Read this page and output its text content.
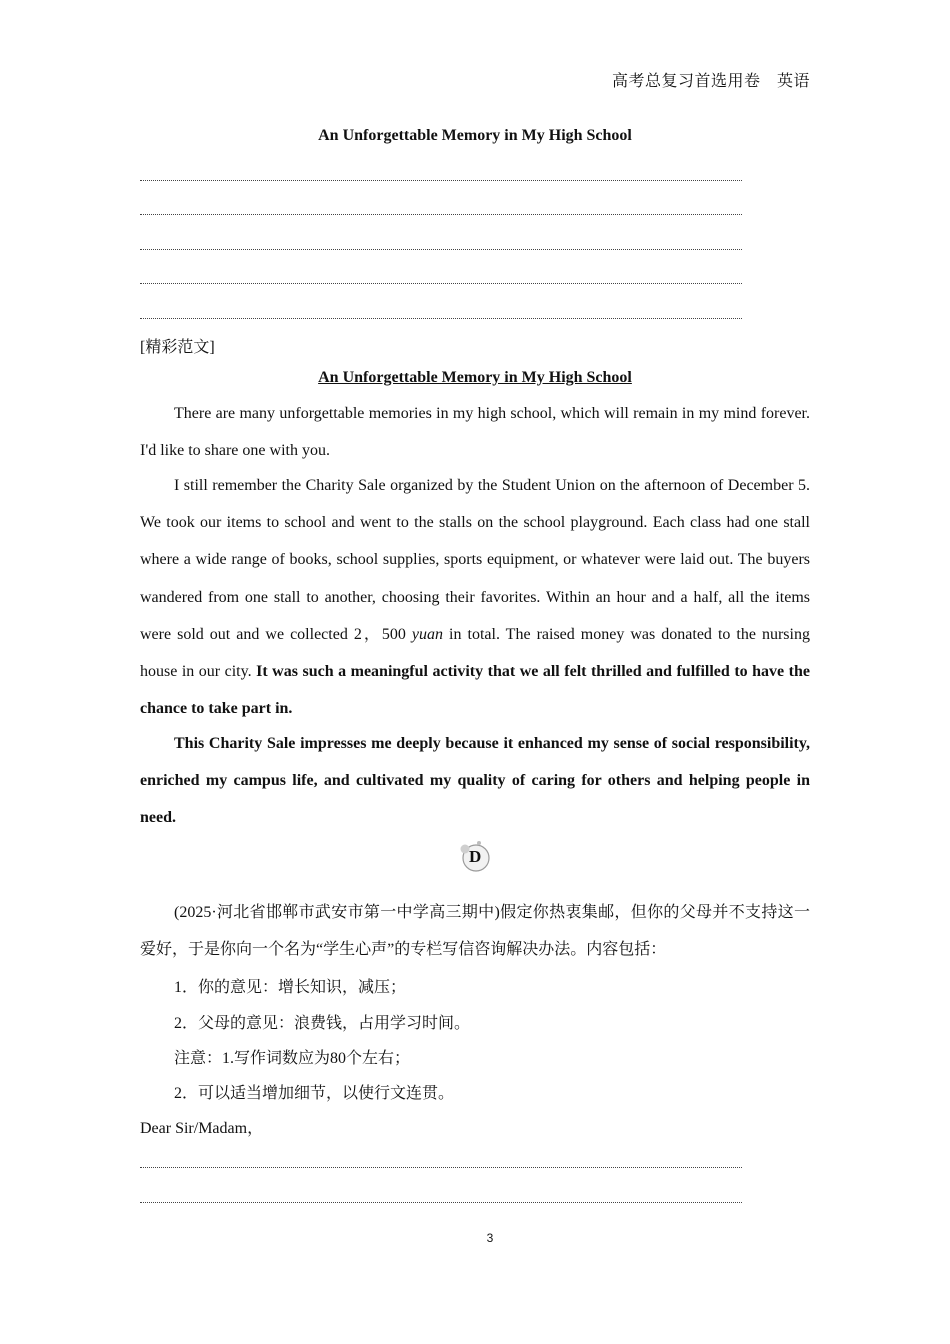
高考总复习首选用卷　英语
An Unforgettable Memory in My High School
[精彩范文]
An Unforgettable Memory in My High School
There are many unforgettable memories in my high school, which will remain in my mind forever. I'd like to share one with you.
I still remember the Charity Sale organized by the Student Union on the afternoon of December 5. We took our items to school and went to the stalls on the school playground. Each class had one stall where a wide range of books, school supplies, sports equipment, or whatever were laid out. The buyers wandered from one stall to another, choosing their favorites. Within an hour and a half, all the items were sold out and we collected 2，500 yuan in total. The raised money was donated to the nursing house in our city. It was such a meaningful activity that we all felt thrilled and fulfilled to have the chance to take part in.
This Charity Sale impresses me deeply because it enhanced my sense of social responsibility, enriched my campus life, and cultivated my quality of caring for others and helping people in need.
D
(2025·河北省邯郸市武安市第一中学高三期中)假定你热衷集邮，但你的父母并不支持这一爱好，于是你向一个名为“学生心声”的专栏写信咨询解决办法。内容包括：
1．你的意见：增长知识，减压；
2．父母的意见：浪费钱，占用学习时间。
注意：1.写作词数应为80个左右；
2．可以适当增加细节，以使行文连贯。
Dear Sir/Madam，
3
